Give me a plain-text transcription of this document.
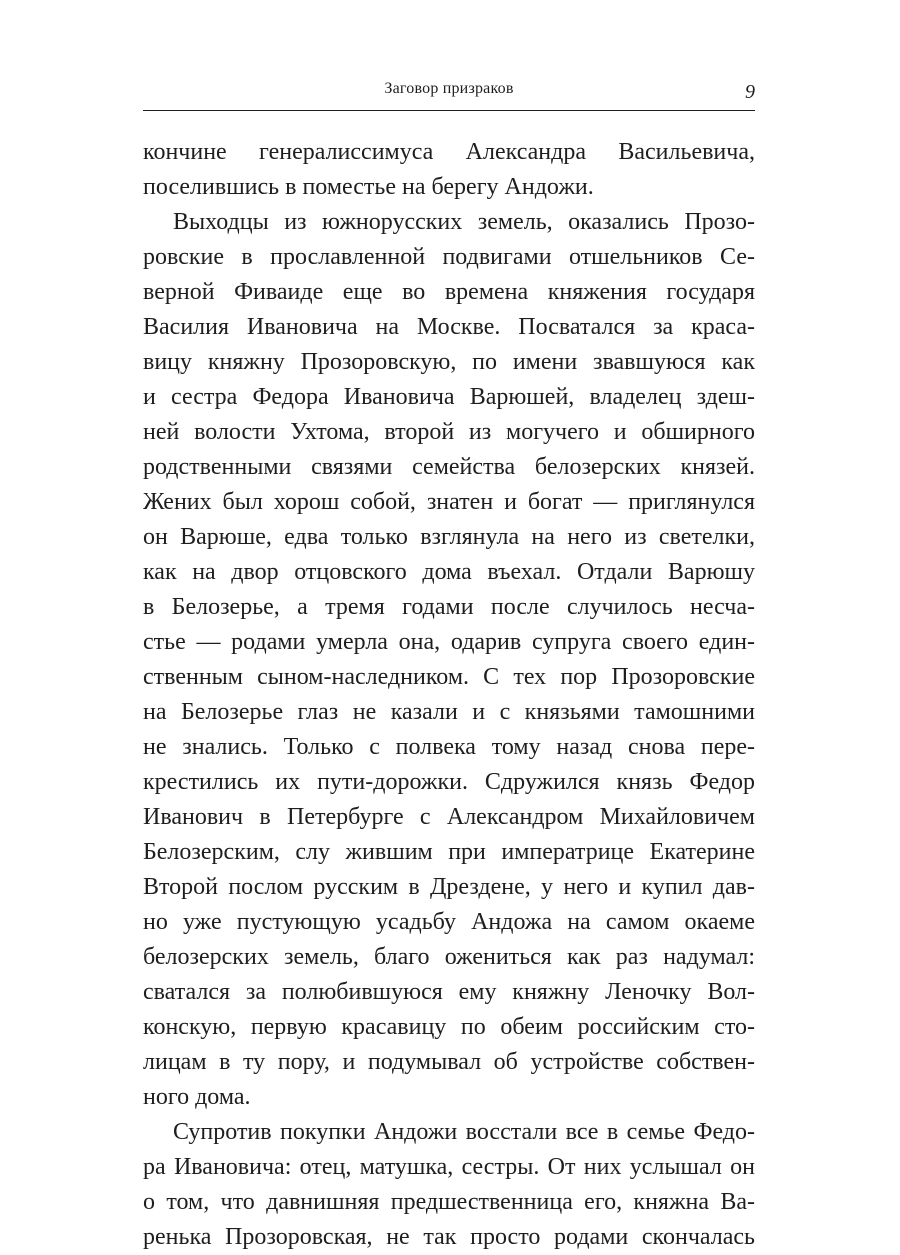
Заговор призраков	9
кончине генералиссимуса Александра Васильевича,
поселившись в поместье на берегу Андожи.
Выходцы из южнорусских земель, оказались Прозо-
ровские в прославленной подвигами отшельников Се-
верной Фиваиде еще во времена княжения государя
Василия Ивановича на Москве. Посватался за краса-
вицу княжну Прозоровскую, по имени звавшуюся как
и сестра Федора Ивановича Варюшей, владелец здеш-
ней волости Ухтома, второй из могучего и обширного
родственными связями семейства белозерских князей.
Жених был хорош собой, знатен и богат — приглянулся
он Варюше, едва только взглянула на него из светелки,
как на двор отцовского дома въехал. Отдали Варюшу
в Белозерье, а тремя годами после случилось несча-
стье — родами умерла она, одарив супруга своего един-
ственным сыном-наследником. С тех пор Прозоровские
на Белозерье глаз не казали и с князьями тамошними
не знались. Только с полвека тому назад снова пере-
крестились их пути-дорожки. Сдружился князь Федор
Иванович в Петербурге с Александром Михайловичем
Белозерским, слу жившим при императрице Екатерине
Второй послом русским в Дрездене, у него и купил дав-
но уже пустующую усадьбу Андожа на самом окаеме
белозерских земель, благо ожениться как раз надумал:
сватался за полюбившуюся ему княжну Леночку Вол-
конскую, первую красавицу по обеим российским сто-
лицам в ту пору, и подумывал об устройстве собствен-
ного дома.
Супротив покупки Андожи восстали все в семье Федо-
ра Ивановича: отец, матушка, сестры. От них услышал он
о том, что давнишняя предшественница его, княжна Ва-
ренька Прозоровская, не так просто родами скончалась
